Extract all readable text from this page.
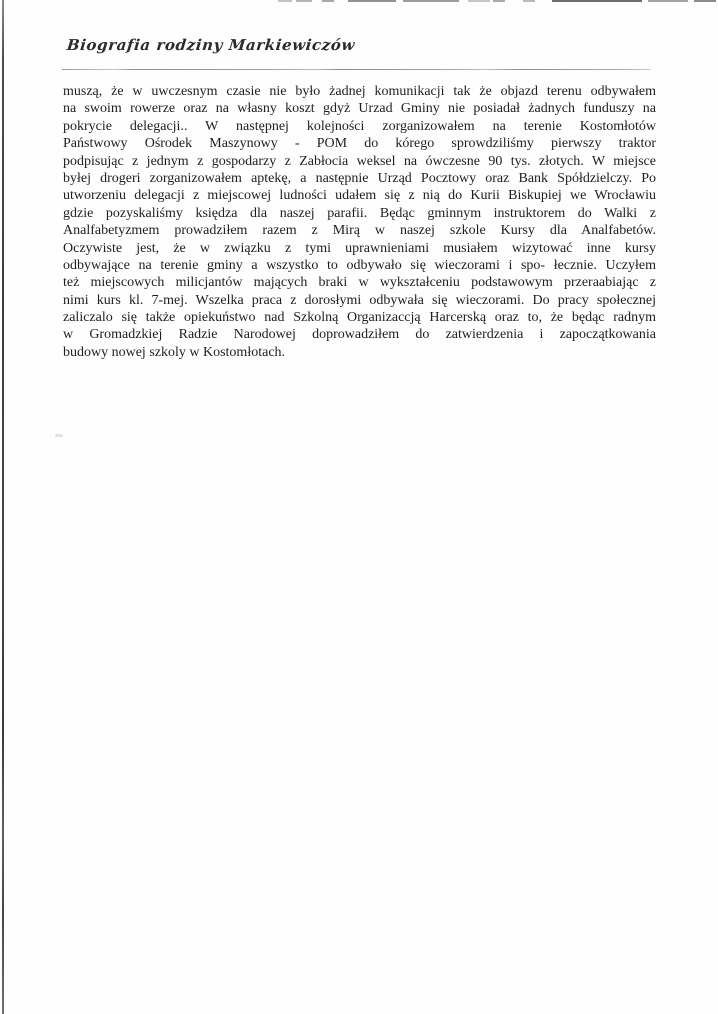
Biografia rodziny Markiewiczów
muszą, że w uwczesnym czasie nie było żadnej komunikacji tak że objazd terenu odbywałem
na swoim rowerze oraz na własny koszt gdyż Urzad Gminy nie posiadał żadnych funduszy na
pokrycie delegacji.. W następnej kolejności zorganizowałem na terenie Kostomłotów
Państwowy Ośrodek Maszynowy - POM do kórego sprowdziliśmy pierwszy traktor
podpisując z jednym z gospodarzy z Zabłocia weksel na ówczesne 90 tys. złotych. W miejsce
byłej drogeri zorganizowałem aptekę, a następnie Urząd Pocztowy oraz Bank Spółdzielczy. Po
utworzeniu delegacji z miejscowej ludności udałem się z nią do Kurii Biskupiej we Wrocławiu
gdzie pozyskaliśmy księdza dla naszej parafii. Będąc gminnym instruktorem do Walki z
Analfabetyzmem prowadziłem razem z Mirą w naszej szkole Kursy dla Analfabetów.
Oczywiste jest, że w związku z tymi uprawnieniami musiałem wizytować inne kursy
odbywające na terenie gminy a wszystko to odbywało się wieczorami i spo- łecznie. Uczyłem
też miejscowych milicjantów mających braki w wykształceniu podstawowym przeraabiając z
nimi kurs kl. 7-mej. Wszelka praca z dorosłymi odbywała się wieczorami. Do pracy społecznej
zaliczalo się także opiekuństwo nad Szkolną Organizaccją Harcerską oraz to, że będąc radnym
w Gromadzkiej Radzie Narodowej doprowadziłem do zatwierdzenia i zapoczątkowania
budowy nowej szkoly w Kostomłotach.
